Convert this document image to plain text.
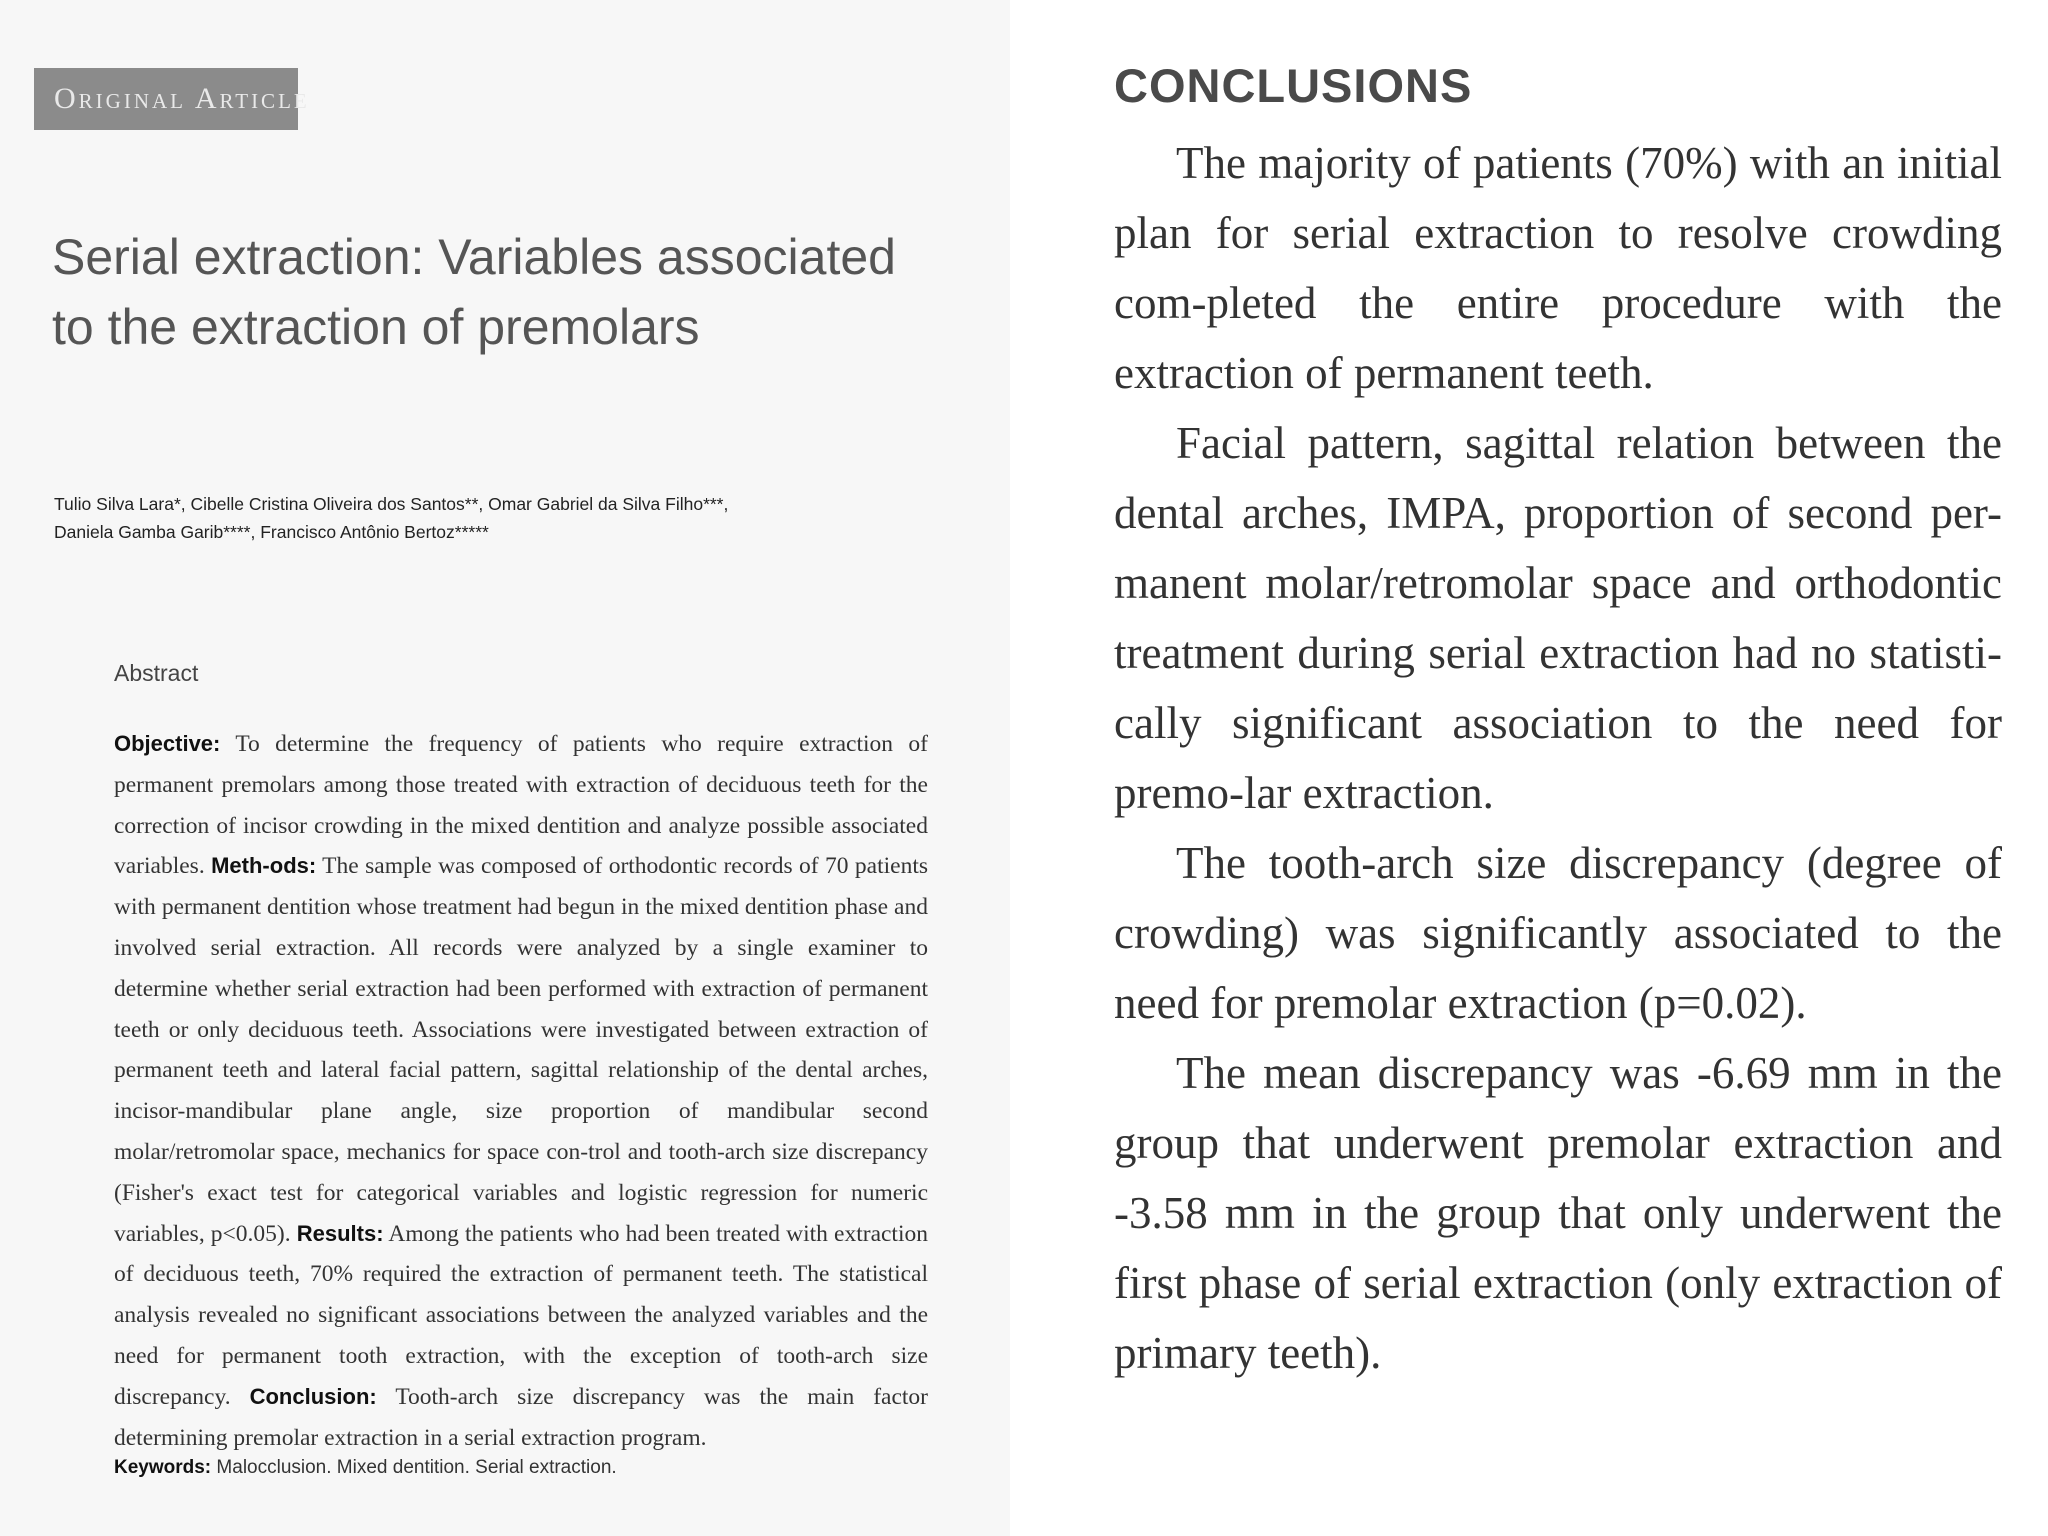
Original Article
Serial extraction: Variables associated to the extraction of premolars
Tulio Silva Lara*, Cibelle Cristina Oliveira dos Santos**, Omar Gabriel da Silva Filho***,
Daniela Gamba Garib****, Francisco Antônio Bertoz*****
Abstract

Objective: To determine the frequency of patients who require extraction of permanent premolars among those treated with extraction of deciduous teeth for the correction of incisor crowding in the mixed dentition and analyze possible associated variables. Meth-ods: The sample was composed of orthodontic records of 70 patients with permanent dentition whose treatment had begun in the mixed dentition phase and involved serial extraction. All records were analyzed by a single examiner to determine whether serial extraction had been performed with extraction of permanent teeth or only deciduous teeth. Associations were investigated between extraction of permanent teeth and lateral facial pattern, sagittal relationship of the dental arches, incisor-mandibular plane angle, size proportion of mandibular second molar/retromolar space, mechanics for space con-trol and tooth-arch size discrepancy (Fisher's exact test for categorical variables and logistic regression for numeric variables, p<0.05). Results: Among the patients who had been treated with extraction of deciduous teeth, 70% required the extraction of permanent teeth. The statistical analysis revealed no significant associations between the analyzed variables and the need for permanent tooth extraction, with the exception of tooth-arch size discrepancy. Conclusion: Tooth-arch size discrepancy was the main factor determining premolar extraction in a serial extraction program.

Keywords: Malocclusion. Mixed dentition. Serial extraction.
CONCLUSIONS

The majority of patients (70%) with an initial plan for serial extraction to resolve crowding com-pleted the entire procedure with the extraction of permanent teeth.

Facial pattern, sagittal relation between the dental arches, IMPA, proportion of second per-manent molar/retromolar space and orthodontic treatment during serial extraction had no statisti-cally significant association to the need for premo-lar extraction.

The tooth-arch size discrepancy (degree of crowding) was significantly associated to the need for premolar extraction (p=0.02).

The mean discrepancy was -6.69 mm in the group that underwent premolar extraction and -3.58 mm in the group that only underwent the first phase of serial extraction (only extraction of primary teeth).
